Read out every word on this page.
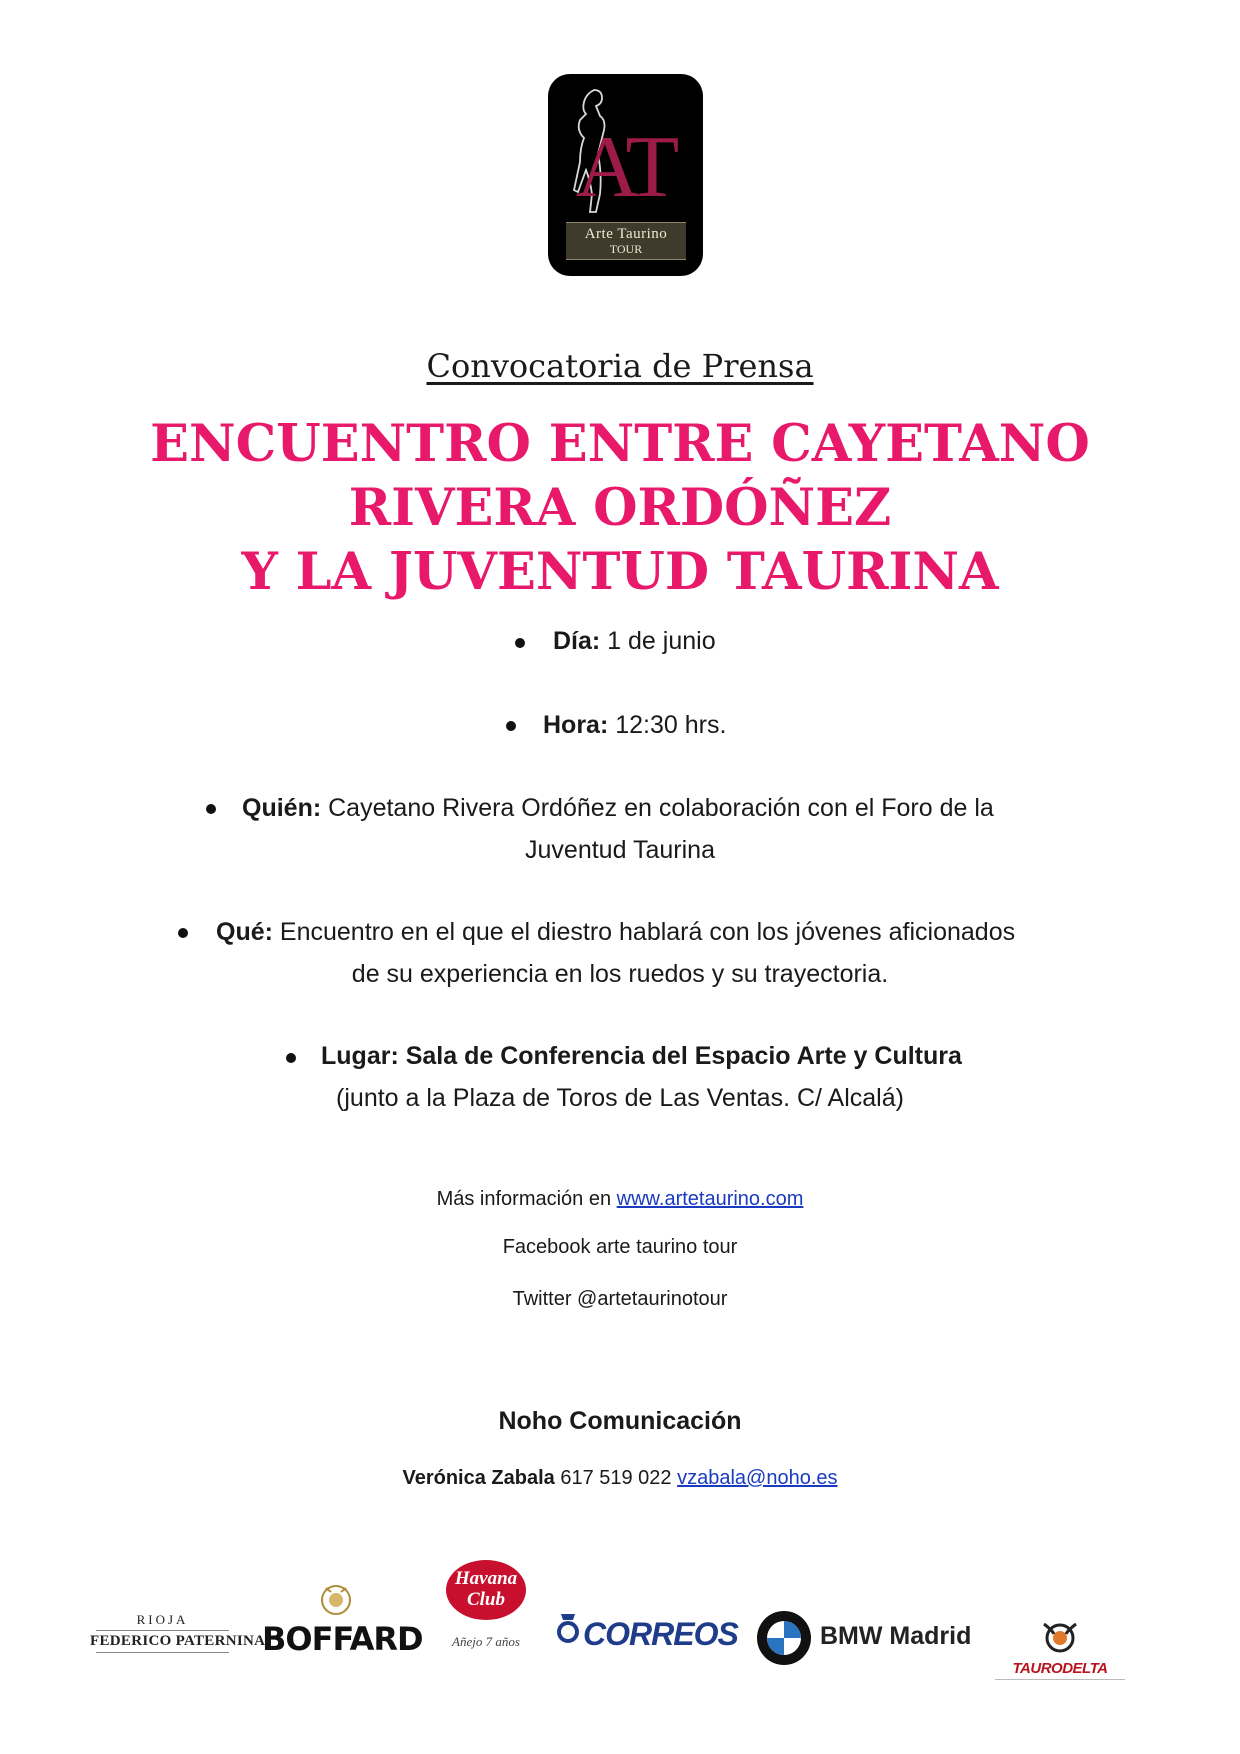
AT
Arte Taurino
TOUR
Convocatoria de Prensa
ENCUENTRO ENTRE CAYETANO
RIVERA ORDÓÑEZ
Y LA JUVENTUD TAURINA
Día: 1 de junio
Hora: 12:30 hrs.
Quién: Cayetano Rivera Ordóñez en colaboración con el Foro de la
Juventud Taurina
Qué: Encuentro en el que el diestro hablará con los jóvenes aficionados
de su experiencia en los ruedos y su trayectoria.
Lugar: Sala de Conferencia del Espacio Arte y Cultura
(junto a la Plaza de Toros de Las Ventas. C/ Alcalá)
Más información en www.artetaurino.com
Facebook arte taurino tour
Twitter @artetaurinotour
Noho Comunicación
Verónica Zabala 617 519 022 vzabala@noho.es
RIOJA
FEDERICO PATERNINA
BOFFARD
Havana
Club
Añejo 7 años	CORREOS	BMW Madrid
TAURODELTA
